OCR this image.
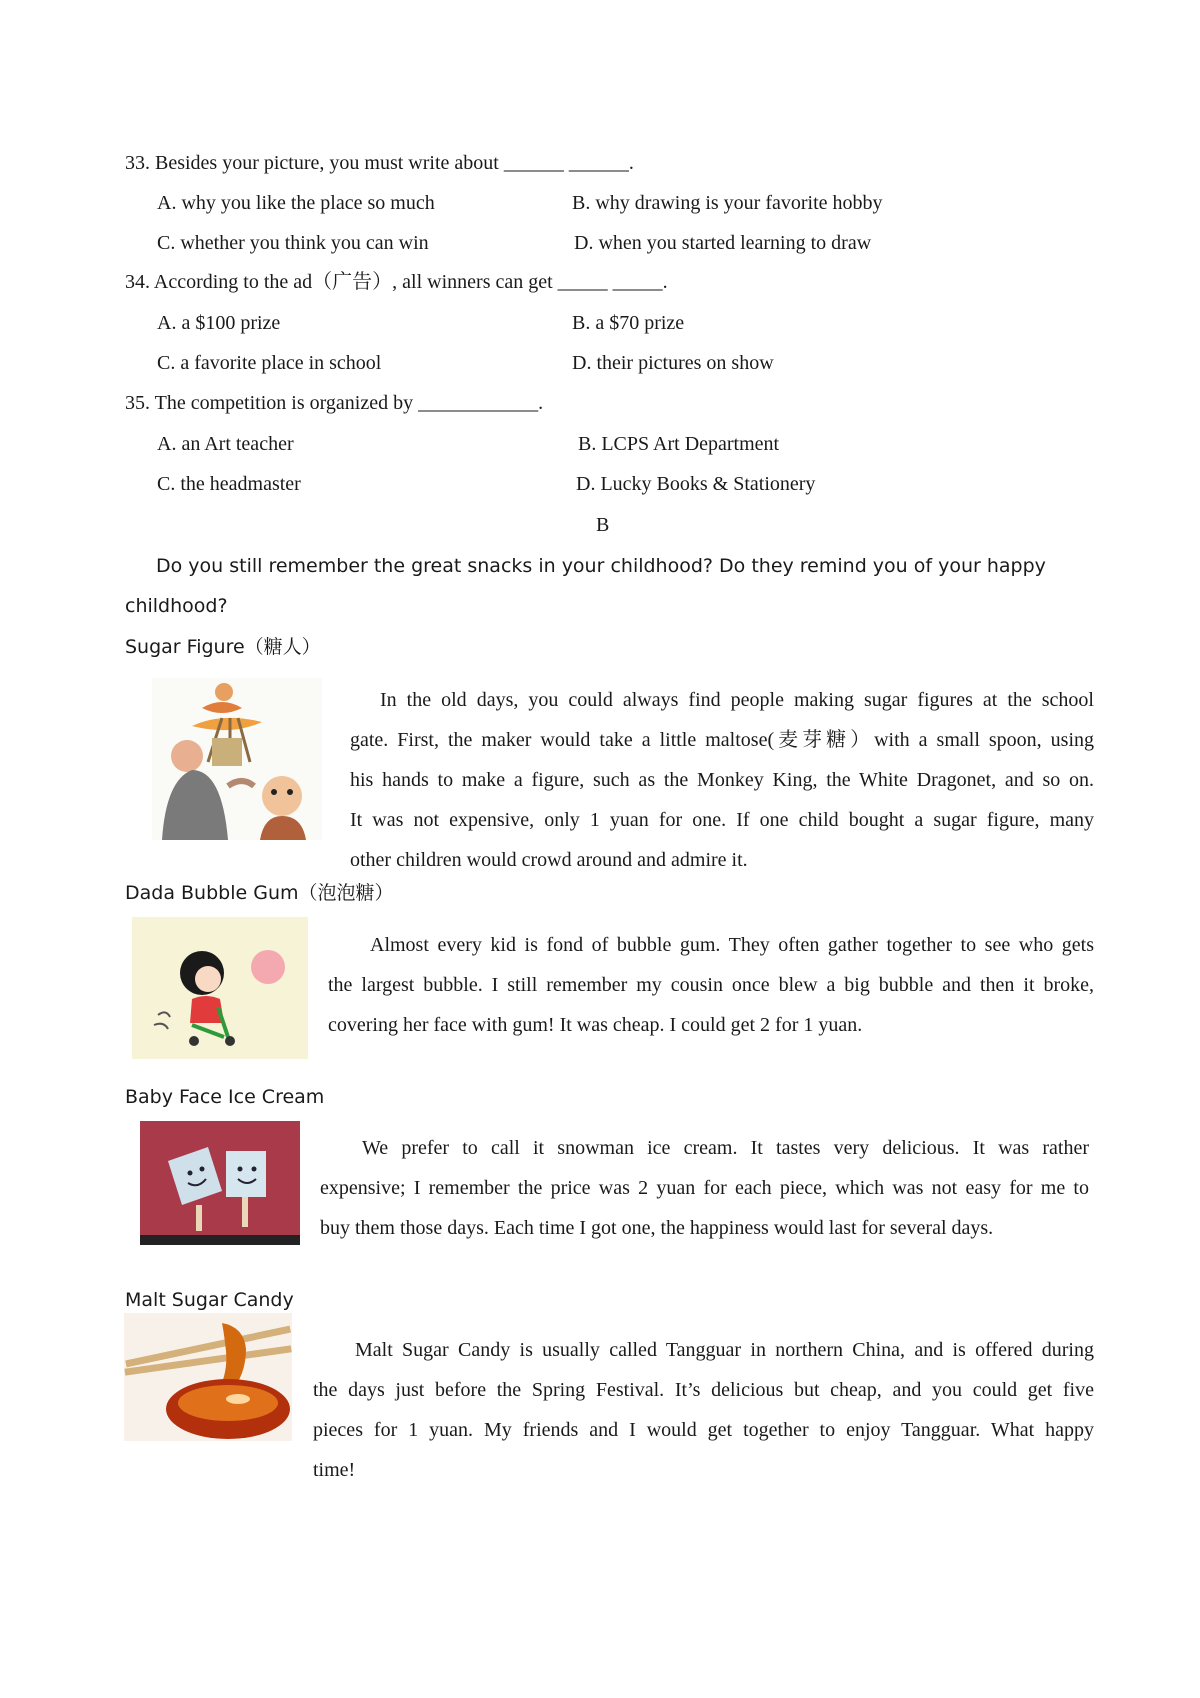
33. Besides your picture, you must write about ______ ______.
A. why you like the place so much	B. why drawing is your favorite hobby
C. whether you think you can win	D. when you started learning to draw
34. According to the ad（广告）, all winners can get _____ _____.
A. a $100 prize	B. a $70 prize
C. a favorite place in school	D. their pictures on show
35. The competition is organized by ____________.
A. an Art teacher	B. LCPS Art Department
C. the headmaster	D. Lucky Books & Stationery
B
Do you still remember the great snacks in your childhood? Do they remind you of your happy
childhood?
Sugar Figure（糖人）
In the old days, you could always find people making sugar figures at the school
gate. First, the maker would take a little maltose(麦芽糖）with a small spoon, using
his hands to make a figure, such as the Monkey King, the White Dragonet, and so on.
It was not expensive, only 1 yuan for one. If one child bought a sugar figure, many
other children would crowd around and admire it.
Dada Bubble Gum（泡泡糖）
Almost every kid is fond of bubble gum. They often gather together to see who gets
the largest bubble. I still remember my cousin once blew a big bubble and then it broke,
covering her face with gum! It was cheap. I could get 2 for 1 yuan.
Baby Face Ice Cream
We prefer to call it snowman ice cream. It tastes very delicious. It was rather
expensive; I remember the price was 2 yuan for each piece, which was not easy for me to
buy them those days. Each time I got one, the happiness would last for several days.
Malt Sugar Candy
Malt Sugar Candy is usually called Tangguar in northern China, and is offered during
the days just before the Spring Festival. It’s delicious but cheap, and you could get five
pieces for 1 yuan. My friends and I would get together to enjoy Tangguar. What happy
time!
